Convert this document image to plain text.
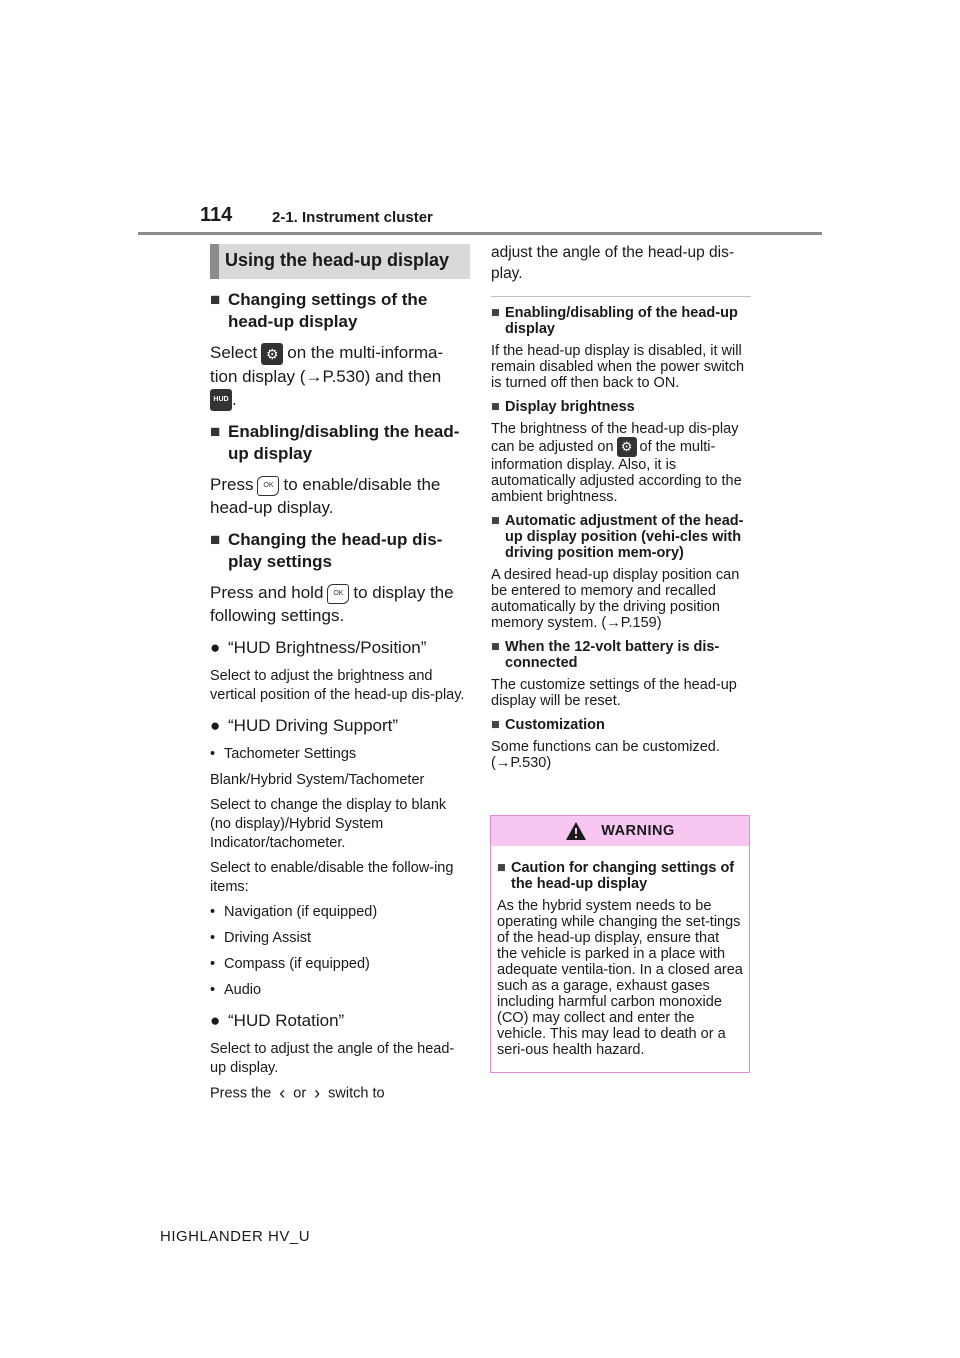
114	2-1. Instrument cluster
Using the head-up display
■ Changing settings of the head-up display

Select ⚙ on the multi-informa-tion display (→P.530) and then
HUD .

■ Enabling/disabling the head-up display

Press OK to enable/disable the head-up display.

■ Changing the head-up dis-play settings

Press and hold OK to display the following settings.

● “HUD Brightness/Position”

Select to adjust the brightness and vertical position of the head-up dis-play.

● “HUD Driving Support”
• Tachometer Settings

Blank/Hybrid System/Tachometer

Select to change the display to blank (no display)/Hybrid System Indicator/tachometer.

Select to enable/disable the follow-ing items:

• Navigation (if equipped)
• Driving Assist
• Compass (if equipped)
• Audio
● “HUD Rotation”

Select to adjust the angle of the head-up display.

Press the ‹ or › switch to

adjust the angle of the head-up dis-play.

■ Enabling/disabling of the head-up display

If the head-up display is disabled, it will remain disabled when the power switch is turned off then back to ON.

■ Display brightness

The brightness of the head-up dis-play can be adjusted on ⚙ of the multi-information display. Also, it is automatically adjusted according to the ambient brightness.

■ Automatic adjustment of the head-up display position (vehi-cles with driving position mem-ory)

A desired head-up display position can be entered to memory and recalled automatically by the driving position memory system. (→P.159)

■ When the 12-volt battery is dis-connected

The customize settings of the head-up display will be reset.

■ Customization

Some functions can be customized. (→P.530)

WARNING
■ Caution for changing settings of the head-up display

As the hybrid system needs to be operating while changing the set-tings of the head-up display, ensure that the vehicle is parked in a place with adequate ventila-tion. In a closed area such as a garage, exhaust gases including harmful carbon monoxide (CO) may collect and enter the vehicle. This may lead to death or a seri-ous health hazard.

HIGHLANDER HV_U
